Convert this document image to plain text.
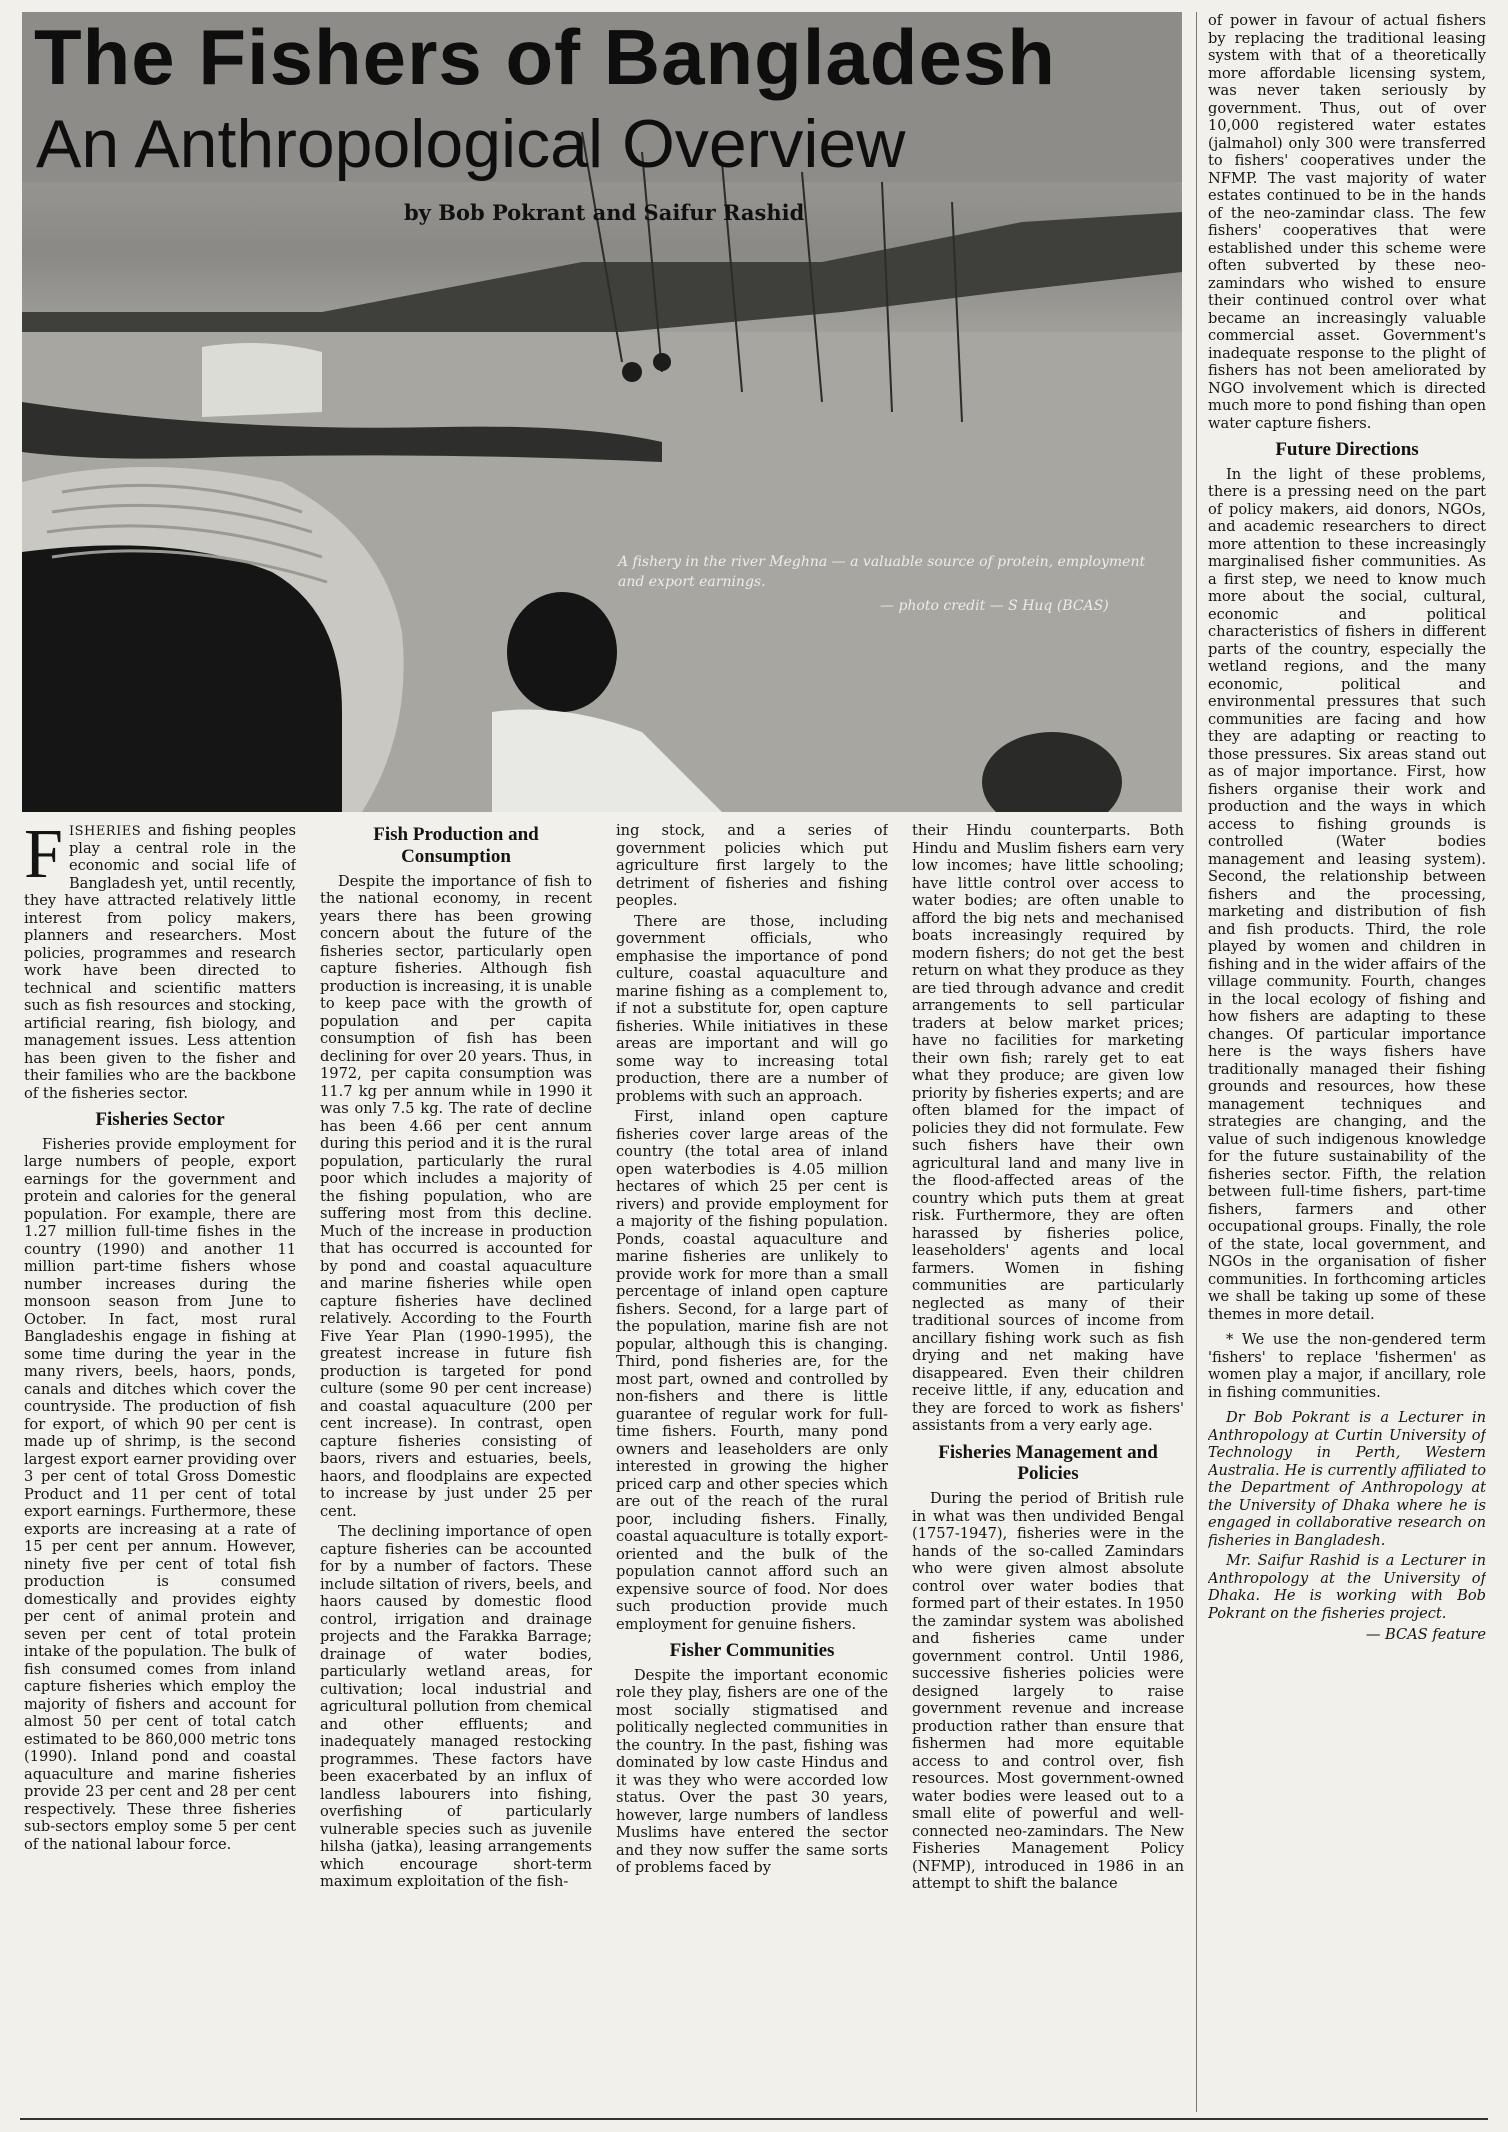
The Fishers of Bangladesh
An Anthropological Overview
by Bob Pokrant and Saifur Rashid
A fishery in the river Meghna — a valuable source of protein, employment and export earnings.
— photo credit — S Huq (BCAS)

FISHERIES and fishing peoples play a central role in the economic and social life of Bangladesh yet, until recently, they have attracted relatively little interest from policy makers, planners and researchers. Most policies, programmes and research work have been directed to technical and scientific matters such as fish resources and stocking, artificial rearing, fish biology, and management issues. Less attention has been given to the fisher and their families who are the backbone of the fisheries sector.

Fisheries Sector

Fisheries provide employment for large numbers of people, export earnings for the government and protein and calories for the general population. For example, there are 1.27 million full-time fishes in the country (1990) and another 11 million part-time fishers whose number increases during the monsoon season from June to October. In fact, most rural Bangladeshis engage in fishing at some time during the year in the many rivers, beels, haors, ponds, canals and ditches which cover the countryside. The production of fish for export, of which 90 per cent is made up of shrimp, is the second largest export earner providing over 3 per cent of total Gross Domestic Product and 11 per cent of total export earnings. Furthermore, these exports are increasing at a rate of 15 per cent per annum. However, ninety five per cent of total fish production is consumed domestically and provides eighty per cent of animal protein and seven per cent of total protein intake of the population. The bulk of fish consumed comes from inland capture fisheries which employ the majority of fishers and account for almost 50 per cent of total catch estimated to be 860,000 metric tons (1990). Inland pond and coastal aquaculture and marine fisheries provide 23 per cent and 28 per cent respectively. These three fisheries sub-sectors employ some 5 per cent of the national labour force.

Fish Production and Consumption

Despite the importance of fish to the national economy, in recent years there has been growing concern about the future of the fisheries sector, particularly open capture fisheries. Although fish production is increasing, it is unable to keep pace with the growth of population and per capita consumption of fish has been declining for over 20 years. Thus, in 1972, per capita consumption was 11.7 kg per annum while in 1990 it was only 7.5 kg. The rate of decline has been 4.66 per cent annum during this period and it is the rural population, particularly the rural poor which includes a majority of the fishing population, who are suffering most from this decline. Much of the increase in production that has occurred is accounted for by pond and coastal aquaculture and marine fisheries while open capture fisheries have declined relatively. According to the Fourth Five Year Plan (1990-1995), the greatest increase in future fish production is targeted for pond culture (some 90 per cent increase) and coastal aquaculture (200 per cent increase). In contrast, open capture fisheries consisting of baors, rivers and estuaries, beels, haors, and floodplains are expected to increase by just under 25 per cent.

The declining importance of open capture fisheries can be accounted for by a number of factors. These include siltation of rivers, beels, and haors caused by domestic flood control, irrigation and drainage projects and the Farakka Barrage; drainage of water bodies, particularly wetland areas, for cultivation; local industrial and agricultural pollution from chemical and other effluents; and inadequately managed restocking programmes. These factors have been exacerbated by an influx of landless labourers into fishing, overfishing of particularly vulnerable species such as juvenile hilsha (jatka), leasing arrangements which encourage short-term maximum exploitation of the fish-

ing stock, and a series of government policies which put agriculture first largely to the detriment of fisheries and fishing peoples.

There are those, including government officials, who emphasise the importance of pond culture, coastal aquaculture and marine fishing as a complement to, if not a substitute for, open capture fisheries. While initiatives in these areas are important and will go some way to increasing total production, there are a number of problems with such an approach.

First, inland open capture fisheries cover large areas of the country (the total area of inland open waterbodies is 4.05 million hectares of which 25 per cent is rivers) and provide employment for a majority of the fishing population. Ponds, coastal aquaculture and marine fisheries are unlikely to provide work for more than a small percentage of inland open capture fishers. Second, for a large part of the population, marine fish are not popular, although this is changing. Third, pond fisheries are, for the most part, owned and controlled by non-fishers and there is little guarantee of regular work for full-time fishers. Fourth, many pond owners and leaseholders are only interested in growing the higher priced carp and other species which are out of the reach of the rural poor, including fishers. Finally, coastal aquaculture is totally export-oriented and the bulk of the population cannot afford such an expensive source of food. Nor does such production provide much employment for genuine fishers.

Fisher Communities

Despite the important economic role they play, fishers are one of the most socially stigmatised and politically neglected communities in the country. In the past, fishing was dominated by low caste Hindus and it was they who were accorded low status. Over the past 30 years, however, large numbers of landless Muslims have entered the sector and they now suffer the same sorts of problems faced by

their Hindu counterparts. Both Hindu and Muslim fishers earn very low incomes; have little schooling; have little control over access to water bodies; are often unable to afford the big nets and mechanised boats increasingly required by modern fishers; do not get the best return on what they produce as they are tied through advance and credit arrangements to sell particular traders at below market prices; have no facilities for marketing their own fish; rarely get to eat what they produce; are given low priority by fisheries experts; and are often blamed for the impact of policies they did not formulate. Few such fishers have their own agricultural land and many live in the flood-affected areas of the country which puts them at great risk. Furthermore, they are often harassed by fisheries police, leaseholders' agents and local farmers. Women in fishing communities are particularly neglected as many of their traditional sources of income from ancillary fishing work such as fish drying and net making have disappeared. Even their children receive little, if any, education and they are forced to work as fishers' assistants from a very early age.

Fisheries Management and Policies

During the period of British rule in what was then undivided Bengal (1757-1947), fisheries were in the hands of the so-called Zamindars who were given almost absolute control over water bodies that formed part of their estates. In 1950 the zamindar system was abolished and fisheries came under government control. Until 1986, successive fisheries policies were designed largely to raise government revenue and increase production rather than ensure that fishermen had more equitable access to and control over, fish resources. Most government-owned water bodies were leased out to a small elite of powerful and well-connected neo-zamindars. The New Fisheries Management Policy (NFMP), introduced in 1986 in an attempt to shift the balance

of power in favour of actual fishers by replacing the traditional leasing system with that of a theoretically more affordable licensing system, was never taken seriously by government. Thus, out of over 10,000 registered water estates (jalmahol) only 300 were transferred to fishers' cooperatives under the NFMP. The vast majority of water estates continued to be in the hands of the neo-zamindar class. The few fishers' cooperatives that were established under this scheme were often subverted by these neo-zamindars who wished to ensure their continued control over what became an increasingly valuable commercial asset. Government's inadequate response to the plight of fishers has not been ameliorated by NGO involvement which is directed much more to pond fishing than open water capture fishers.

Future Directions

In the light of these problems, there is a pressing need on the part of policy makers, aid donors, NGOs, and academic researchers to direct more attention to these increasingly marginalised fisher communities. As a first step, we need to know much more about the social, cultural, economic and political characteristics of fishers in different parts of the country, especially the wetland regions, and the many economic, political and environmental pressures that such communities are facing and how they are adapting or reacting to those pressures. Six areas stand out as of major importance. First, how fishers organise their work and production and the ways in which access to fishing grounds is controlled (Water bodies management and leasing system). Second, the relationship between fishers and the processing, marketing and distribution of fish and fish products. Third, the role played by women and children in fishing and in the wider affairs of the village community. Fourth, changes in the local ecology of fishing and how fishers are adapting to these changes. Of particular importance here is the ways fishers have traditionally managed their fishing grounds and resources, how these management techniques and strategies are changing, and the value of such indigenous knowledge for the future sustainability of the fisheries sector. Fifth, the relation between full-time fishers, part-time fishers, farmers and other occupational groups. Finally, the role of the state, local government, and NGOs in the organisation of fisher communities. In forthcoming articles we shall be taking up some of these themes in more detail.

* We use the non-gendered term 'fishers' to replace 'fishermen' as women play a major, if ancillary, role in fishing communities.

Dr Bob Pokrant is a Lecturer in Anthropology at Curtin University of Technology in Perth, Western Australia. He is currently affiliated to the Department of Anthropology at the University of Dhaka where he is engaged in collaborative research on fisheries in Bangladesh.

Mr. Saifur Rashid is a Lecturer in Anthropology at the University of Dhaka. He is working with Bob Pokrant on the fisheries project.

— BCAS feature
